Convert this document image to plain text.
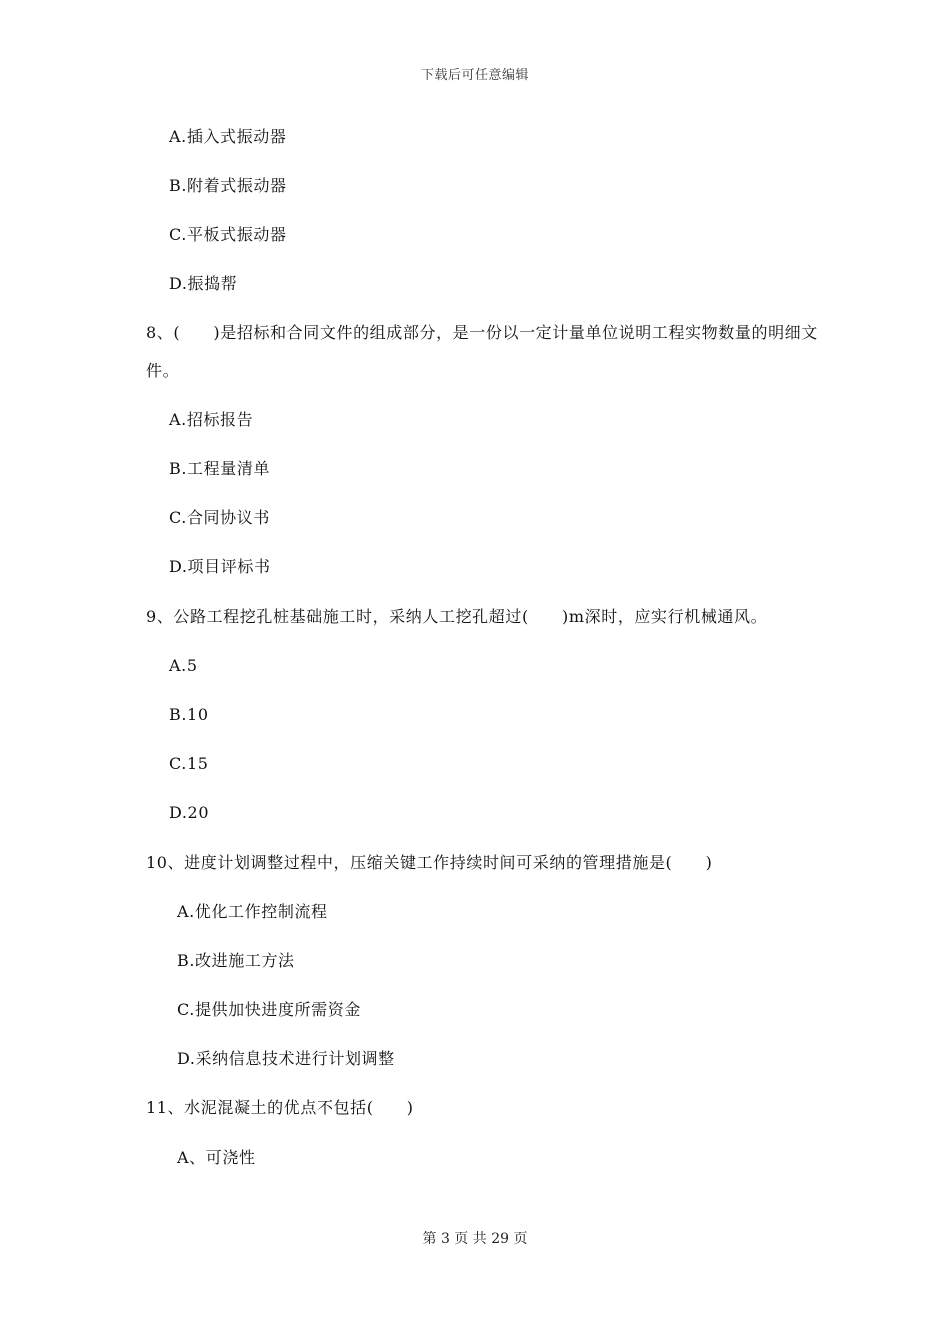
下载后可任意编辑
A.插入式振动器
B.附着式振动器
C.平板式振动器
D.振捣帮
8、(　　)是招标和合同文件的组成部分，是一份以一定计量单位说明工程实物数量的明细文件。
A.招标报告
B.工程量清单
C.合同协议书
D.项目评标书
9、公路工程挖孔桩基础施工时，采纳人工挖孔超过(　　)m深时，应实行机械通风。
A.5
B.10
C.15
D.20
10、进度计划调整过程中，压缩关键工作持续时间可采纳的管理措施是(　　)
A.优化工作控制流程
B.改进施工方法
C.提供加快进度所需资金
D.采纳信息技术进行计划调整
11、水泥混凝土的优点不包括(　　)
A、可浇性
第 3 页 共 29 页
